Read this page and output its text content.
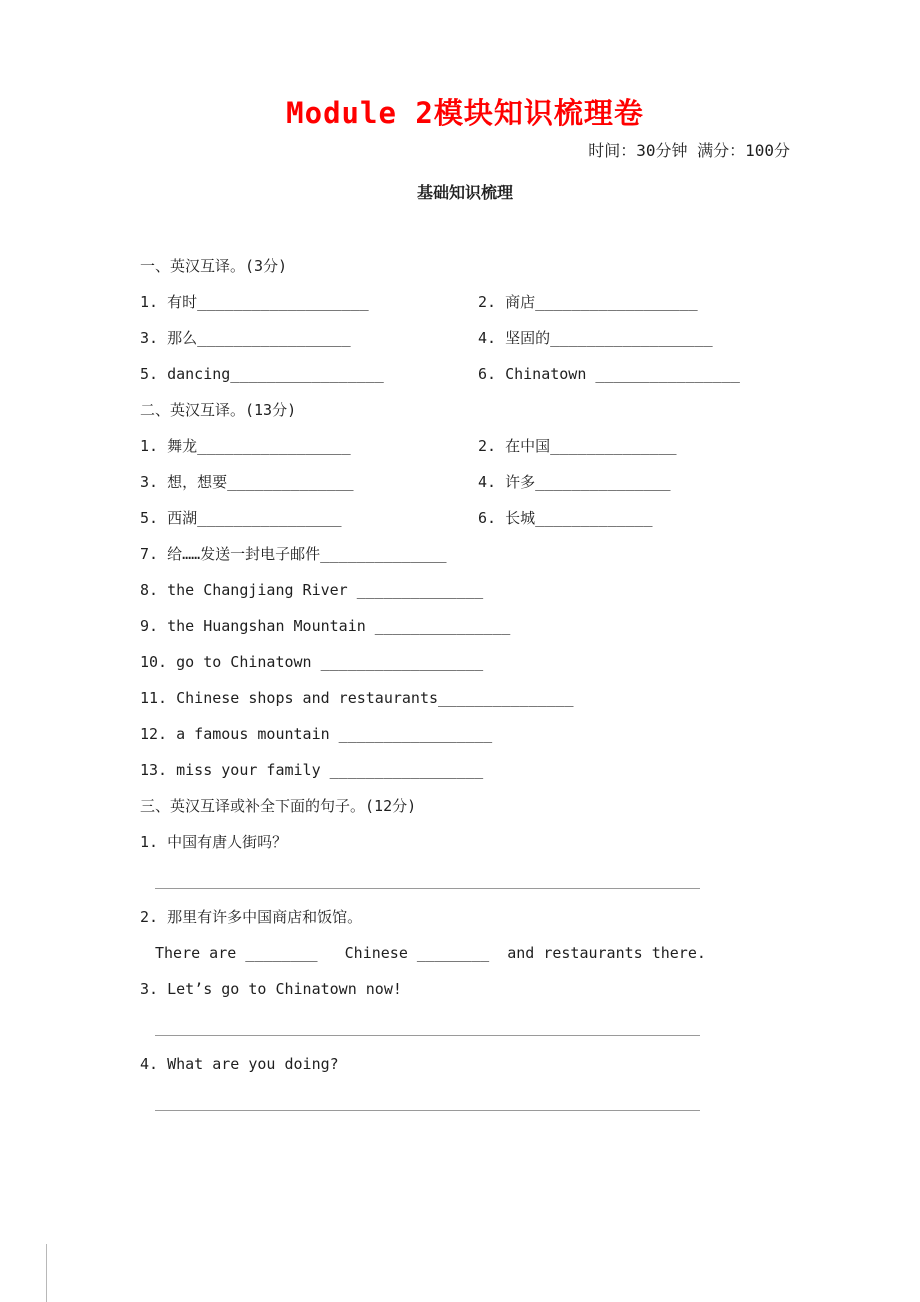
Module 2模块知识梳理卷
时间：30分钟 满分：100分
基础知识梳理
一、英汉互译。(3分)
1. 有时___________________	2. 商店__________________
3. 那么_________________	4. 坚固的__________________
5. dancing_________________	6. Chinatown ________________
二、英汉互译。(13分)
1. 舞龙_________________	2. 在中国______________
3. 想，想要______________	4. 许多_______________
5. 西湖________________	6. 长城_____________
7. 给……发送一封电子邮件______________
8. the Changjiang River ______________
9. the Huangshan Mountain _______________
10. go to Chinatown __________________
11. Chinese shops and restaurants_______________
12. a famous mountain _________________
13. miss your family _________________
三、英汉互译或补全下面的句子。(12分)
1. 中国有唐人街吗？
2. 那里有许多中国商店和饭馆。
There are ________   Chinese ________  and restaurants there.
3. Let’s go to Chinatown now!
4. What are you doing?
